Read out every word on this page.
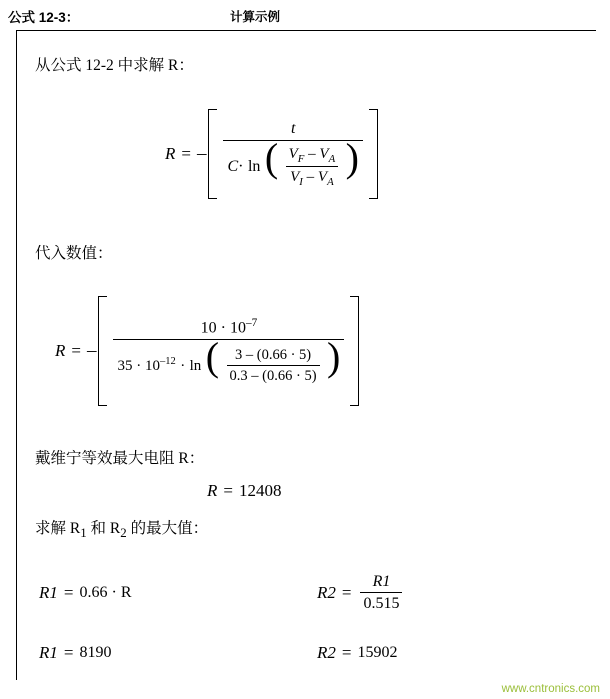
公式 12-3：	计算示例
从公式 12-2 中求解 R：
R = –
t
C· ln ( $\frac{V_F - V_A}{V_I - V_A}$ )
代入数值：
R = –
$10 \cdot 10^{-7}$
$35 \cdot 10^{-12} \cdot \ln$ ( $\frac{3 - (0.66 \cdot 5)}{0.3 - (0.66 \cdot 5)}$ )
戴维宁等效最大电阻 R：
R = 12408
求解 $R_1$ 和 $R_2$ 的最大值：
R1 = 0.66 · R	$R2 = \frac{R1}{0.515}$
R1 = 8190	R2 = 15902
www.cntronics.com
